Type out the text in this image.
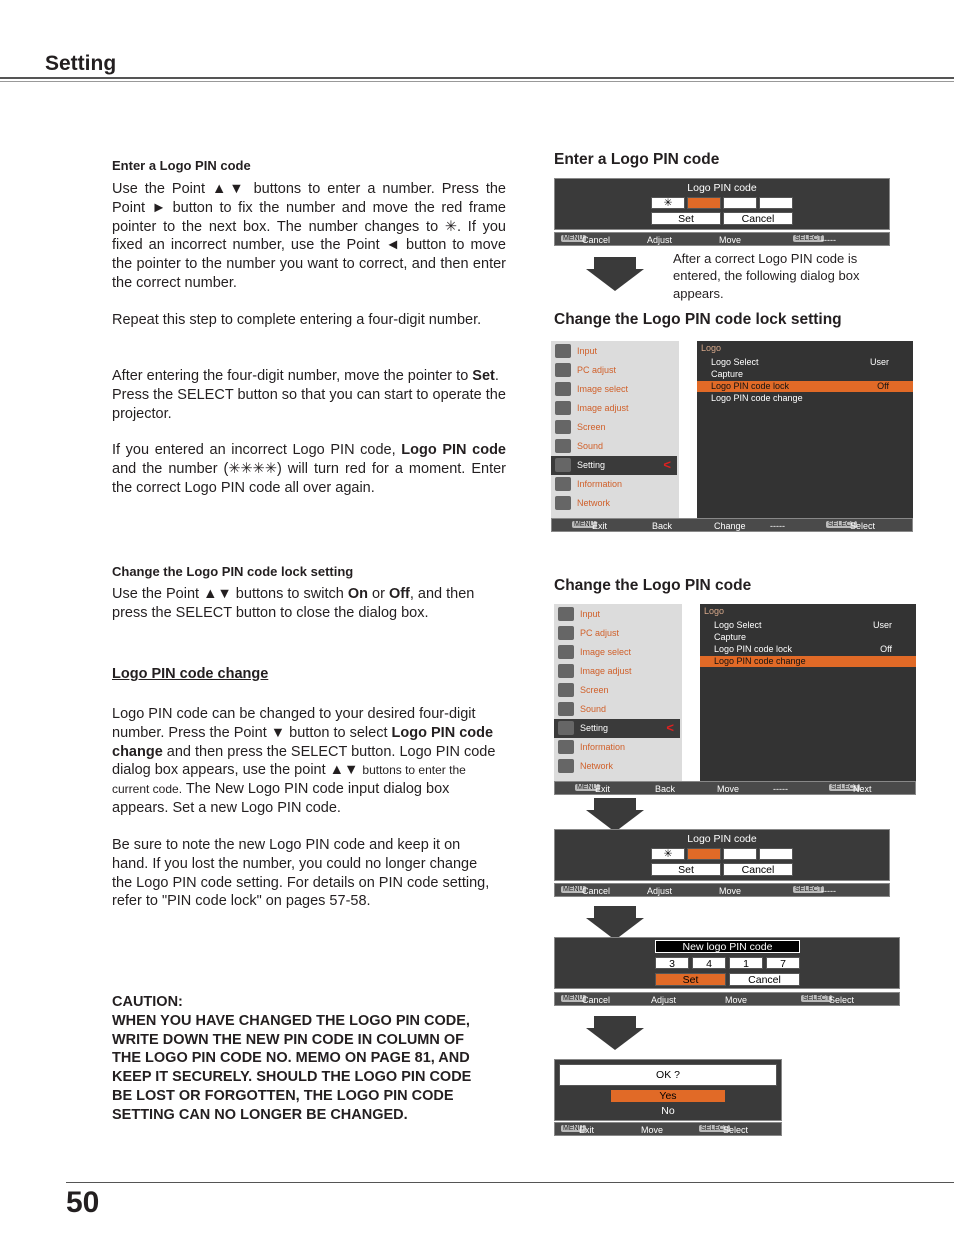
Setting
Enter a Logo PIN code
Use the Point ▲▼ buttons to enter a number. Press the Point ► button to fix the number and move the red frame pointer to the next box. The number changes to ✳. If you fixed an incorrect number, use the Point ◄ button to move the pointer to the number you want to correct, and then enter the correct number.
Repeat this step to complete entering a four-digit number.
After entering the four-digit number, move the pointer to Set. Press the SELECT button so that you can start to operate the projector.
If you entered an incorrect Logo PIN code, Logo PIN code and the number (✳✳✳✳) will turn red for a moment. Enter the correct Logo PIN code all over again.
Change the Logo PIN code lock setting
Use the Point ▲▼ buttons to switch On or Off, and then press the SELECT button to close the dialog box.
Logo PIN code change
Logo PIN code can be changed to your desired four-digit number. Press the Point ▼ button to select Logo PIN code change and then press the SELECT button. Logo PIN code dialog box appears, use the point ▲▼ buttons to enter the current code. The New Logo PIN code input dialog box appears. Set a new Logo PIN code.
Be sure to note the new Logo PIN code and keep it on hand. If you lost the number, you could no longer change the Logo PIN code setting. For details on PIN code setting, refer to "PIN code lock" on pages 57-58.
CAUTION:
WHEN YOU HAVE CHANGED THE LOGO PIN CODE, WRITE DOWN THE NEW PIN CODE IN COLUMN OF THE LOGO PIN CODE NO. MEMO ON PAGE 81, AND KEEP IT SECURELY. SHOULD THE LOGO PIN CODE BE LOST OR FORGOTTEN, THE LOGO PIN CODE SETTING CAN NO LONGER BE CHANGED.
Enter a Logo PIN code
Change the Logo PIN code lock setting
Change the Logo PIN code
Logo PIN code
✳
Set	Cancel
MENU
Cancel	Adjust	Move	SELECT
-----
After a correct Logo PIN code is entered, the following dialog box appears.
Input
PC adjust
Image select
Image adjust
Screen
Sound
Setting	<
Information
Network
Logo
Logo Select	User
Capture
Logo PIN code lock	Off
Logo PIN code change
MENU
Exit	Back	Change	-----	SELECT
Select
Input
PC adjust
Image select
Image adjust
Screen
Sound
Setting	<
Information
Network
Logo
Logo Select	User
Capture
Logo PIN code lock	Off
Logo PIN code change
MENU
Exit	Back	Move	-----	SELECT
Next
Logo PIN code
✳
Set	Cancel
MENU
Cancel	Adjust	Move	SELECT
-----
New logo PIN code
3	4	1	7
Set	Cancel
MENU
Cancel	Adjust	Move	SELECT
Select
OK ?
Yes
No
MENU
Exit	Move	SELECT
Select
50
